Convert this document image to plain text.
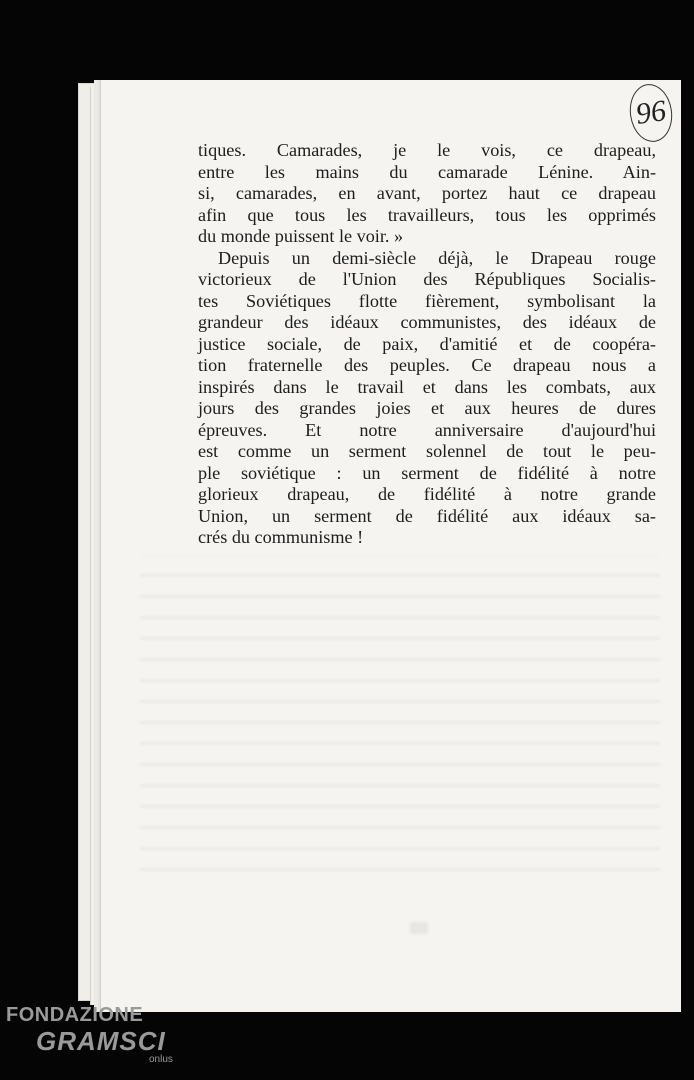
96
tiques. Camarades, je le vois, ce drapeau,
entre les mains du camarade Lénine. Ain-
si, camarades, en avant, portez haut ce drapeau
afin que tous les travailleurs, tous les opprimés
du monde puissent le voir. »
Depuis un demi-siècle déjà, le Drapeau rouge
victorieux de l'Union des Républiques Socialis-
tes Soviétiques flotte fièrement, symbolisant la
grandeur des idéaux communistes, des idéaux de
justice sociale, de paix, d'amitié et de coopéra-
tion fraternelle des peuples. Ce drapeau nous a
inspirés dans le travail et dans les combats, aux
jours des grandes joies et aux heures de dures
épreuves. Et notre anniversaire d'aujourd'hui
est comme un serment solennel de tout le peu-
ple soviétique : un serment de fidélité à notre
glorieux drapeau, de fidélité à notre grande
Union, un serment de fidélité aux idéaux sa-
crés du communisme !
FONDAZIONE
GRAMSCI
onlus
